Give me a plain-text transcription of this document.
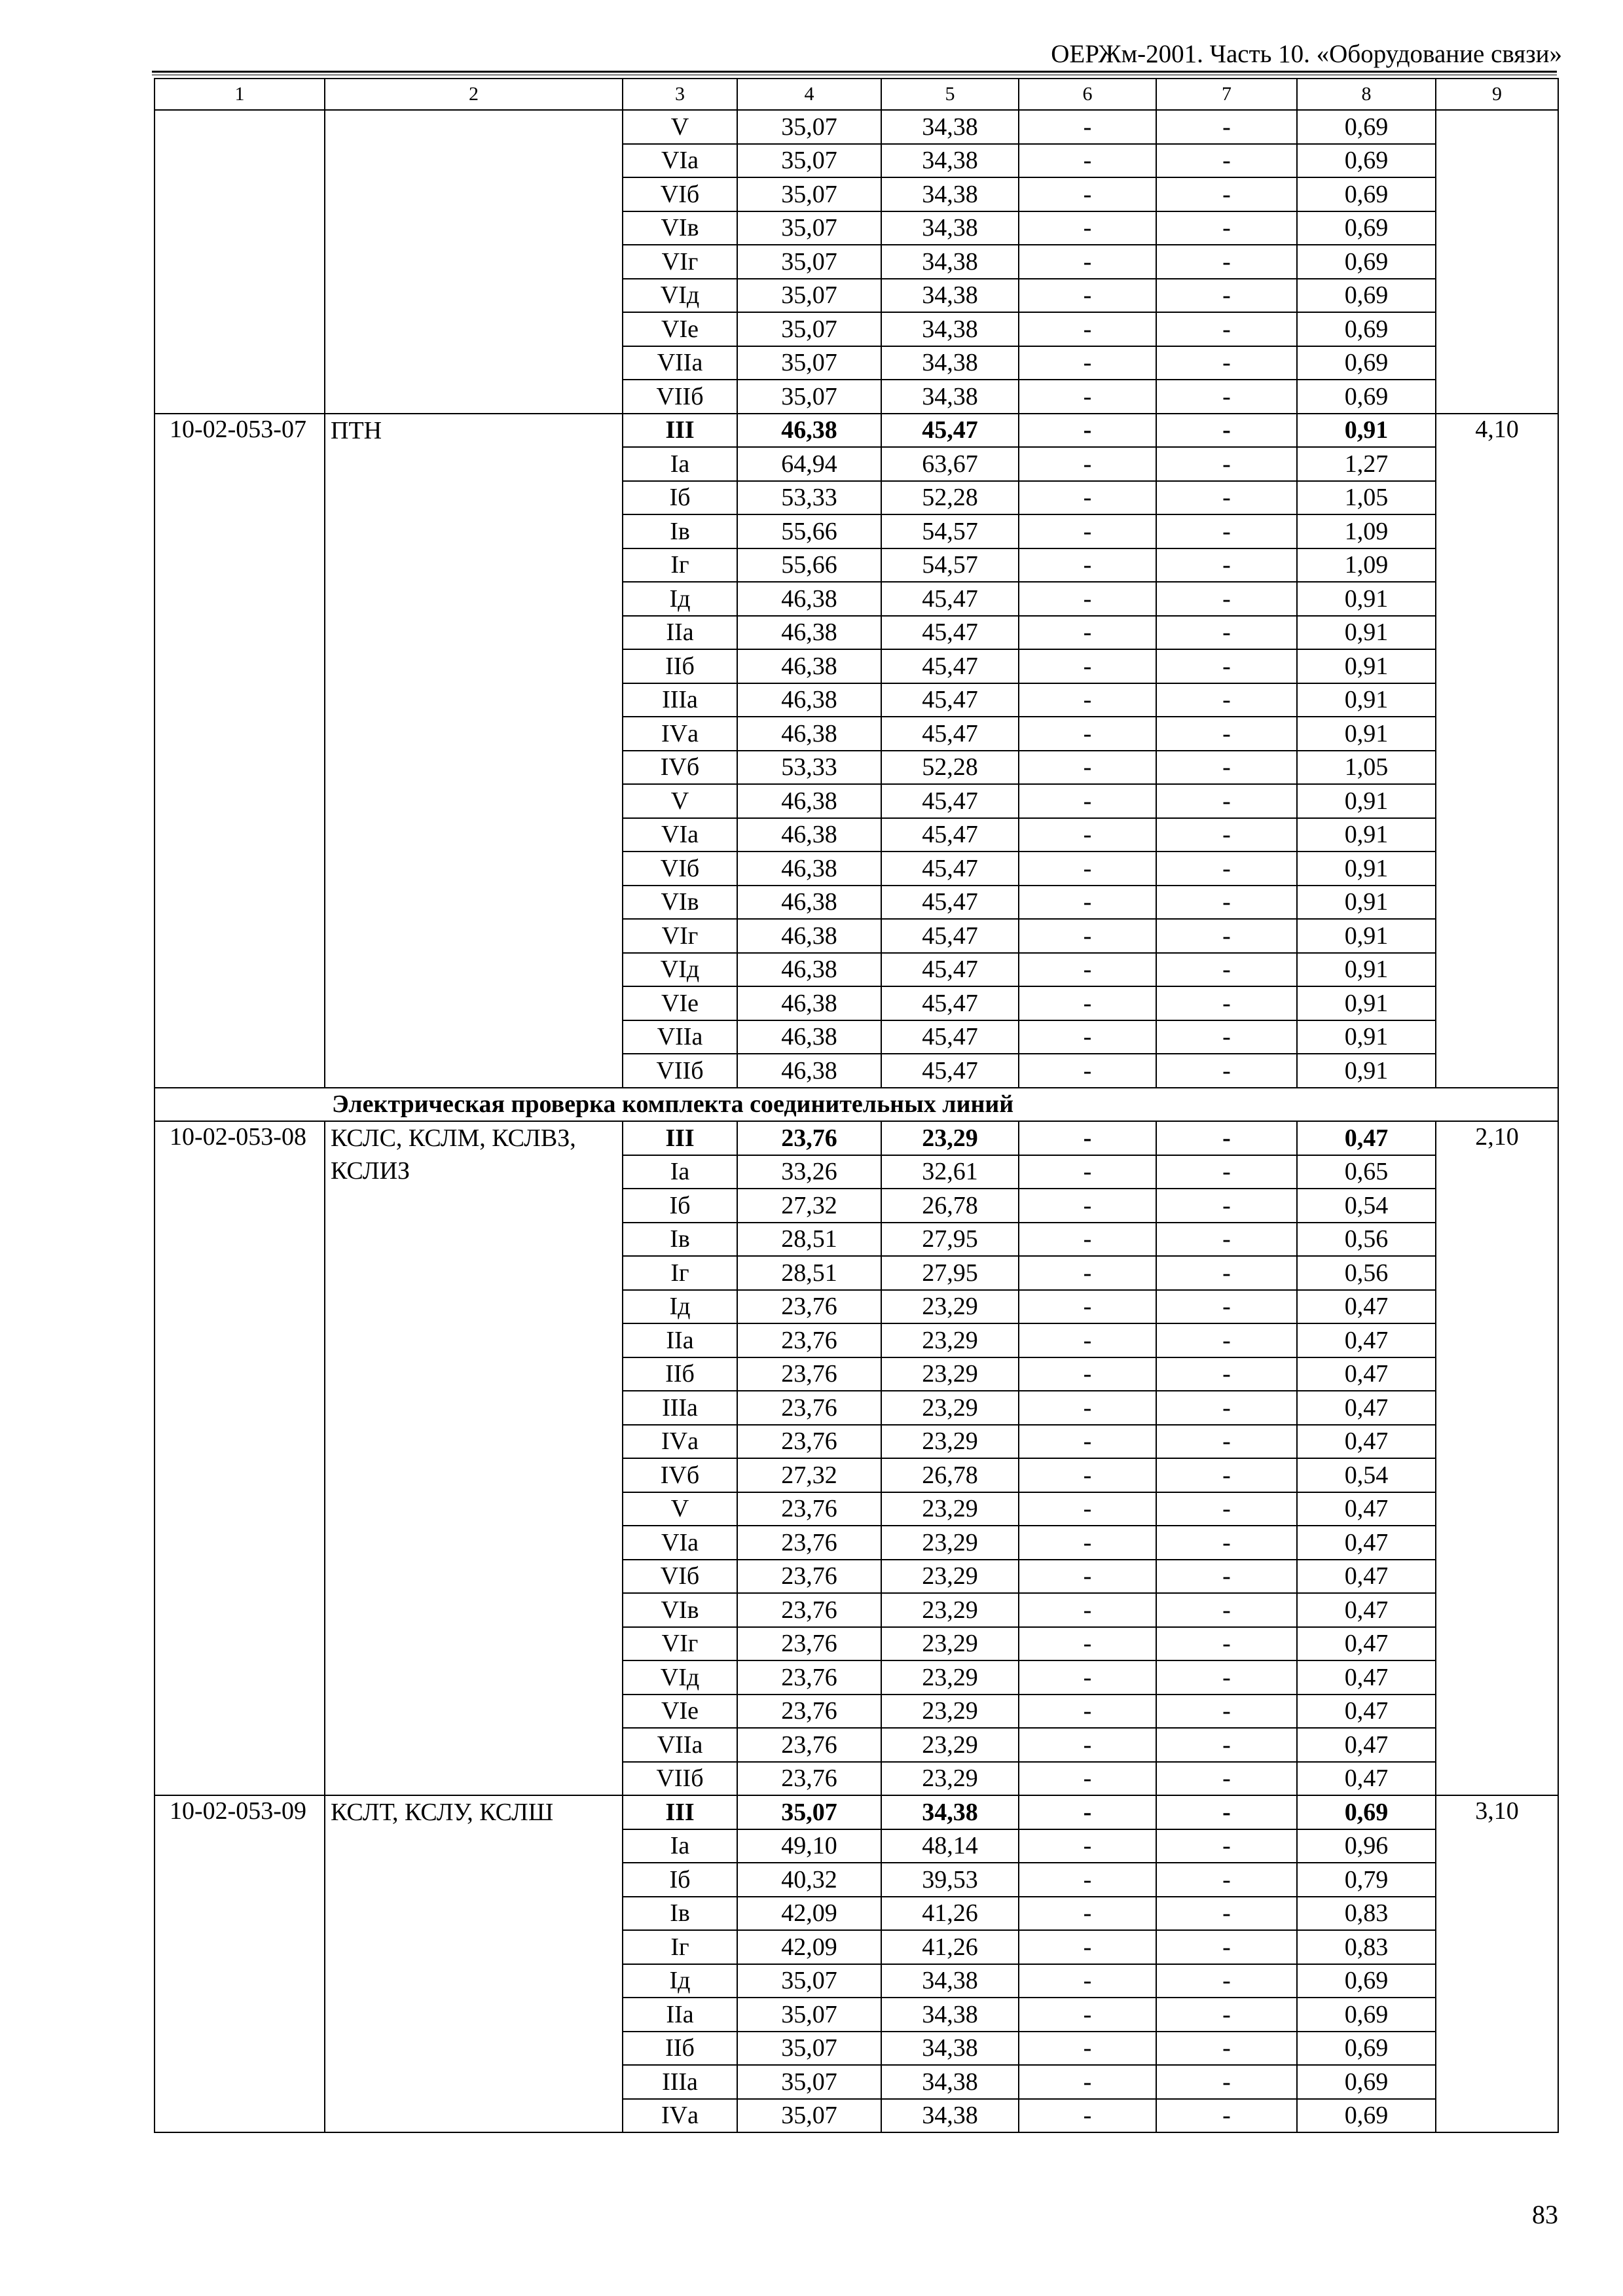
ОЕРЖм-2001. Часть 10. «Оборудование связи»
1	2	3	4	5	6	7	8	9
		V	35,07	34,38	-	-	0,69	
		VIа	35,07	34,38	-	-	0,69	
		VIб	35,07	34,38	-	-	0,69	
		VIв	35,07	34,38	-	-	0,69	
		VIг	35,07	34,38	-	-	0,69	
		VIд	35,07	34,38	-	-	0,69	
		VIе	35,07	34,38	-	-	0,69	
		VIIа	35,07	34,38	-	-	0,69	
		VIIб	35,07	34,38	-	-	0,69	
10-02-053-07	ПТН	III	46,38	45,47	-	-	0,91	4,10
		Iа	64,94	63,67	-	-	1,27	
		Iб	53,33	52,28	-	-	1,05	
		Iв	55,66	54,57	-	-	1,09	
		Iг	55,66	54,57	-	-	1,09	
		Iд	46,38	45,47	-	-	0,91	
		IIа	46,38	45,47	-	-	0,91	
		IIб	46,38	45,47	-	-	0,91	
		IIIа	46,38	45,47	-	-	0,91	
		IVа	46,38	45,47	-	-	0,91	
		IVб	53,33	52,28	-	-	1,05	
		V	46,38	45,47	-	-	0,91	
		VIа	46,38	45,47	-	-	0,91	
		VIб	46,38	45,47	-	-	0,91	
		VIв	46,38	45,47	-	-	0,91	
		VIг	46,38	45,47	-	-	0,91	
		VIд	46,38	45,47	-	-	0,91	
		VIе	46,38	45,47	-	-	0,91	
		VIIа	46,38	45,47	-	-	0,91	
		VIIб	46,38	45,47	-	-	0,91	
Электрическая проверка комплекта соединительных линий								
10-02-053-08	КСЛС, КСЛМ, КСЛВЗ, КСЛИЗ	III	23,76	23,29	-	-	0,47	2,10
		Iа	33,26	32,61	-	-	0,65	
		Iб	27,32	26,78	-	-	0,54	
		Iв	28,51	27,95	-	-	0,56	
		Iг	28,51	27,95	-	-	0,56	
		Iд	23,76	23,29	-	-	0,47	
		IIа	23,76	23,29	-	-	0,47	
		IIб	23,76	23,29	-	-	0,47	
		IIIа	23,76	23,29	-	-	0,47	
		IVа	23,76	23,29	-	-	0,47	
		IVб	27,32	26,78	-	-	0,54	
		V	23,76	23,29	-	-	0,47	
		VIа	23,76	23,29	-	-	0,47	
		VIб	23,76	23,29	-	-	0,47	
		VIв	23,76	23,29	-	-	0,47	
		VIг	23,76	23,29	-	-	0,47	
		VIд	23,76	23,29	-	-	0,47	
		VIе	23,76	23,29	-	-	0,47	
		VIIа	23,76	23,29	-	-	0,47	
		VIIб	23,76	23,29	-	-	0,47	
10-02-053-09	КСЛТ, КСЛУ, КСЛШ	III	35,07	34,38	-	-	0,69	3,10
		Iа	49,10	48,14	-	-	0,96	
		Iб	40,32	39,53	-	-	0,79	
		Iв	42,09	41,26	-	-	0,83	
		Iг	42,09	41,26	-	-	0,83	
		Iд	35,07	34,38	-	-	0,69	
		IIа	35,07	34,38	-	-	0,69	
		IIб	35,07	34,38	-	-	0,69	
		IIIа	35,07	34,38	-	-	0,69	
		IVа	35,07	34,38	-	-	0,69	
83
